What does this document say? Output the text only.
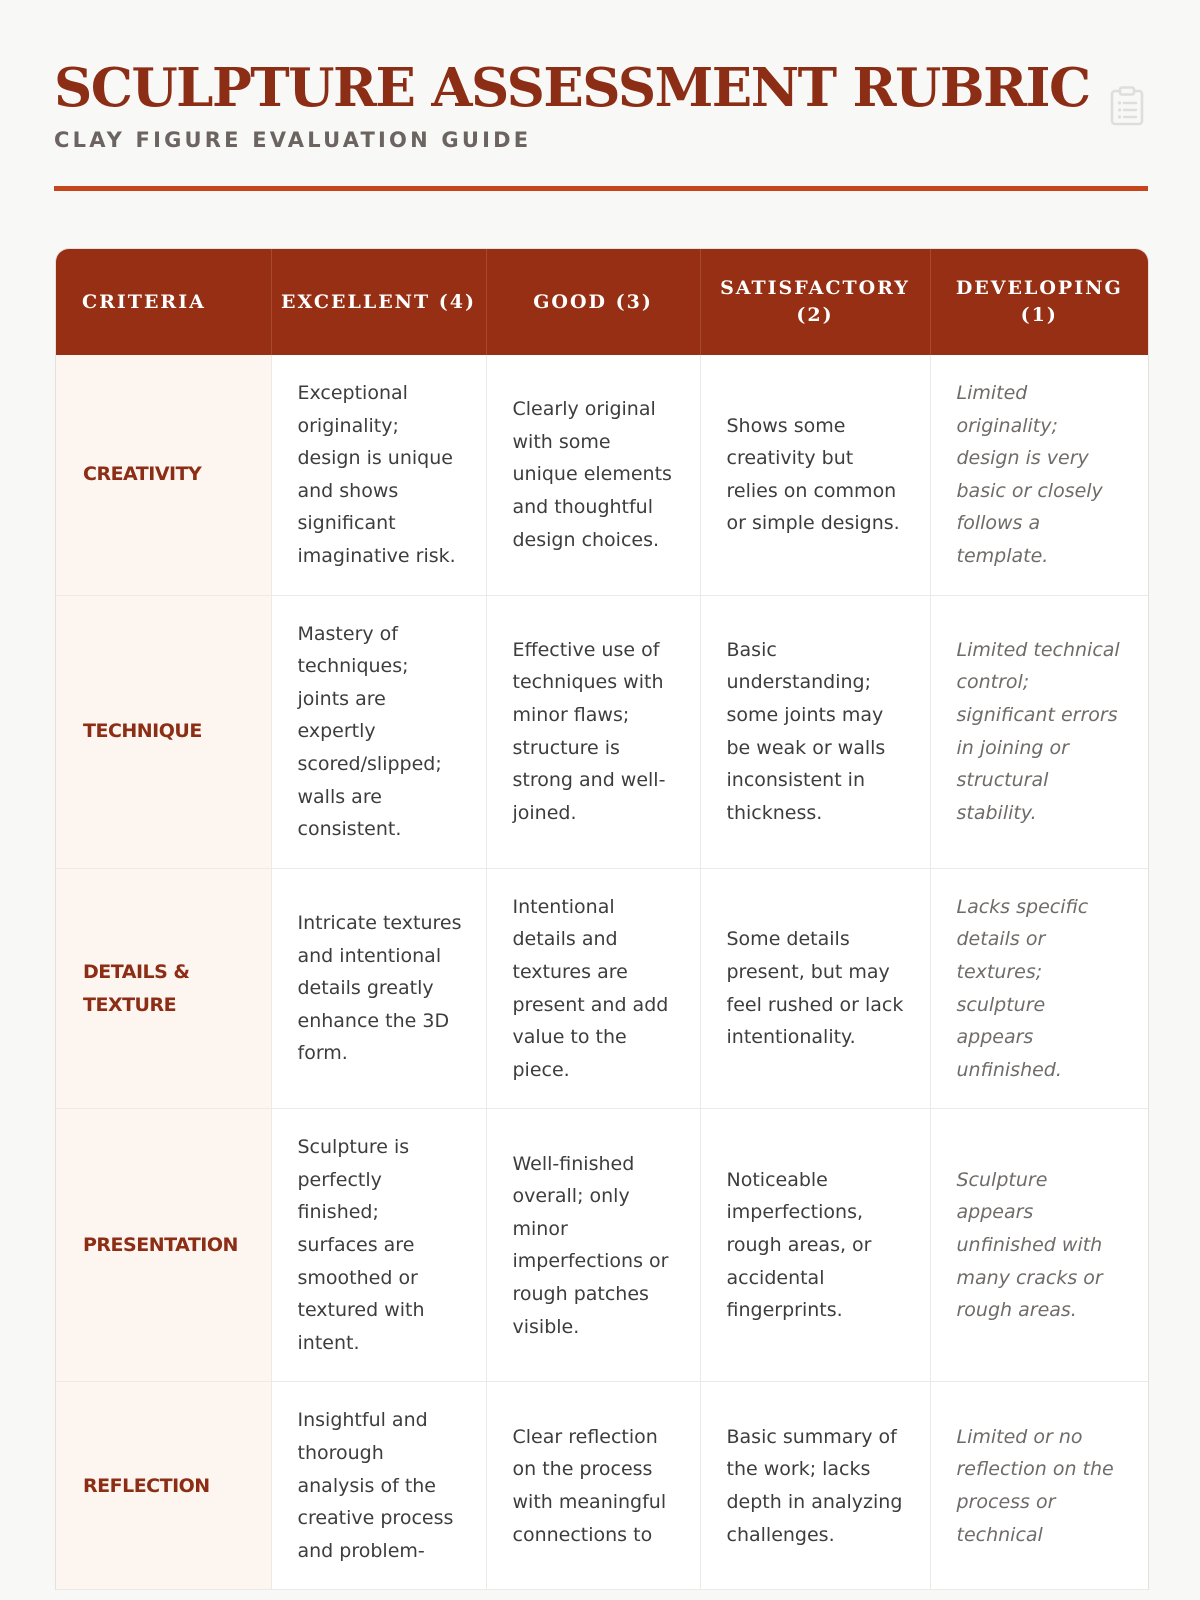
SCULPTURE ASSESSMENT RUBRIC
CLAY FIGURE EVALUATION GUIDE
CRITERIA	EXCELLENT (4)	GOOD (3)	SATISFACTORY (2)	DEVELOPING (1)
CREATIVITY	Exceptional originality; design is unique and shows significant imaginative risk.	Clearly original with some unique elements and thoughtful design choices.	Shows some creativity but relies on common or simple designs.	Limited originality; design is very basic or closely follows a template.
TECHNIQUE	Mastery of techniques; joints are expertly scored/slipped; walls are consistent.	Effective use of techniques with minor flaws; structure is strong and well-joined.	Basic understanding; some joints may be weak or walls inconsistent in thickness.	Limited technical control; significant errors in joining or structural stability.
DETAILS & TEXTURE	Intricate textures and intentional details greatly enhance the 3D form.	Intentional details and textures are present and add value to the piece.	Some details present, but may feel rushed or lack intentionality.	Lacks specific details or textures; sculpture appears unfinished.
PRESENTATION	Sculpture is perfectly finished; surfaces are smoothed or textured with intent.	Well-finished overall; only minor imperfections or rough patches visible.	Noticeable imperfections, rough areas, or accidental fingerprints.	Sculpture appears unfinished with many cracks or rough areas.
REFLECTION	Insightful and thorough analysis of the creative process and problem-	Clear reflection on the process with meaningful connections to	Basic summary of the work; lacks depth in analyzing challenges.	Limited or no reflection on the process or technical
